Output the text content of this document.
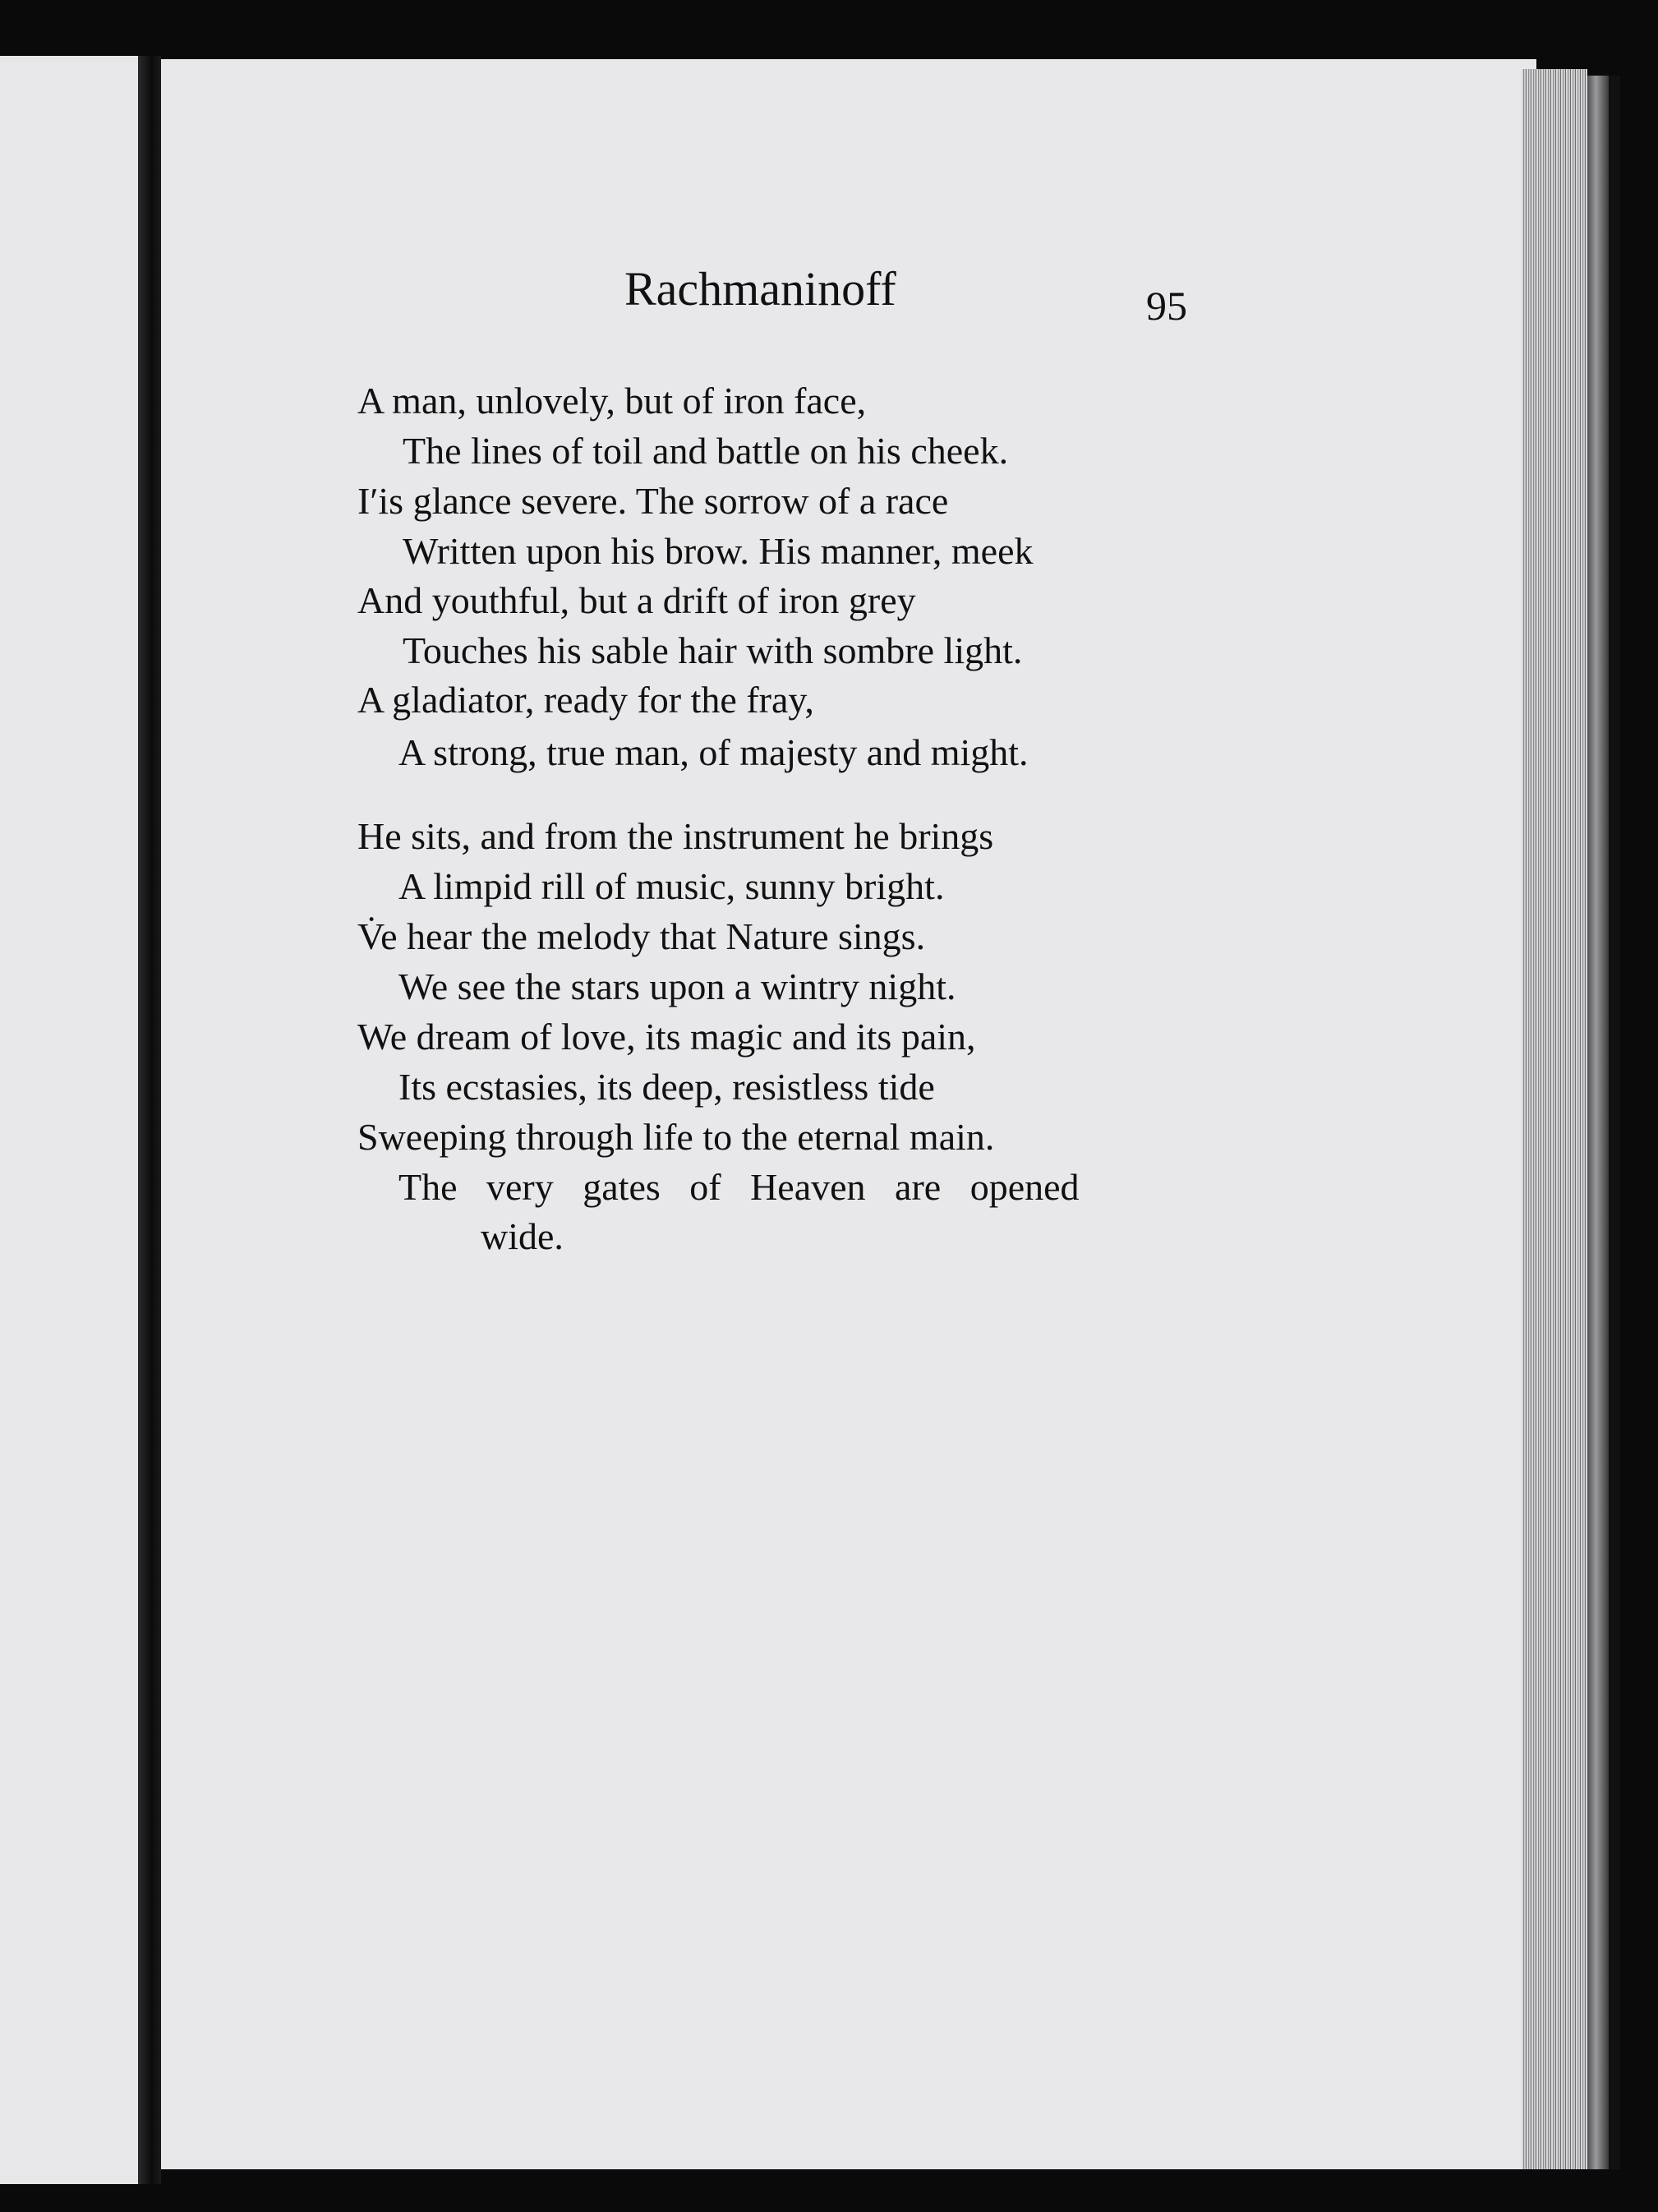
Rachmaninoff	95
A man, unlovely, but of iron face,
The lines of toil and battle on his cheek.
Iʹis glance severe. The sorrow of a race
Written upon his brow. His manner, meek
And youthful, but a drift of iron grey
Touches his sable hair with sombre light.
A gladiator, ready for the fray,
A strong, true man, of majesty and might.
He sits, and from the instrument he brings
A limpid rill of music, sunny bright.
V̇e hear the melody that Nature sings.
We see the stars upon a wintry night.
We dream of love, its magic and its pain,
Its ecstasies, its deep, resistless tide
Sweeping through life to the eternal main.
The very gates of Heaven are opened
wide.
